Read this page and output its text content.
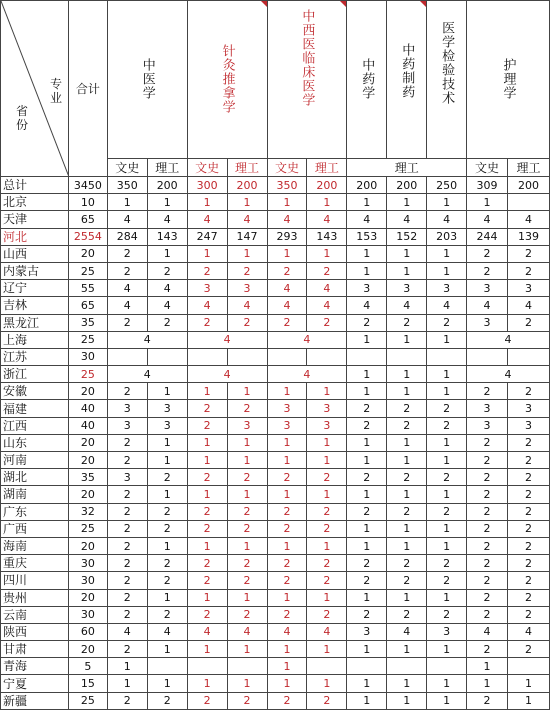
专业
省份	合计	中医学		针灸推拿学		中西医临床医学		中药学	中药制药	医学检验技术	护理学	
		文史	理工	文史	理工	文史	理工	理工			文史	理工
总计	3450	350	200	300	200	350	200	200	200	250	309	200
北京	10	1	1	1	1	1	1	1	1	1	1	
天津	65	4	4	4	4	4	4	4	4	4	4	4
河北	2554	284	143	247	147	293	143	153	152	203	244	139
山西	20	2	1	1	1	1	1	1	1	1	2	2
内蒙古	25	2	2	2	2	2	2	1	1	1	2	2
辽宁	55	4	4	3	3	4	4	3	3	3	3	3
吉林	65	4	4	4	4	4	4	4	4	4	4	4
黑龙江	35	2	2	2	2	2	2	2	2	2	3	2
上海	25	4		4		4		1	1	1	4	
江苏	30											
浙江	25	4		4		4		1	1	1	4	
安徽	20	2	1	1	1	1	1	1	1	1	2	2
福建	40	3	3	2	2	3	3	2	2	2	3	3
江西	40	3	3	2	3	3	3	2	2	2	3	3
山东	20	2	1	1	1	1	1	1	1	1	2	2
河南	20	2	1	1	1	1	1	1	1	1	2	2
湖北	35	3	2	2	2	2	2	2	2	2	2	2
湖南	20	2	1	1	1	1	1	1	1	1	2	2
广东	32	2	2	2	2	2	2	2	2	2	2	2
广西	25	2	2	2	2	2	2	1	1	1	2	2
海南	20	2	1	1	1	1	1	1	1	1	2	2
重庆	30	2	2	2	2	2	2	2	2	2	2	2
四川	30	2	2	2	2	2	2	2	2	2	2	2
贵州	20	2	1	1	1	1	1	1	1	1	2	2
云南	30	2	2	2	2	2	2	2	2	2	2	2
陕西	60	4	4	4	4	4	4	3	4	3	4	4
甘肃	20	2	1	1	1	1	1	1	1	1	2	2
青海	5	1				1					1	
宁夏	15	1	1	1	1	1	1	1	1	1	1	1
新疆	25	2	2	2	2	2	2	1	1	1	2	1
